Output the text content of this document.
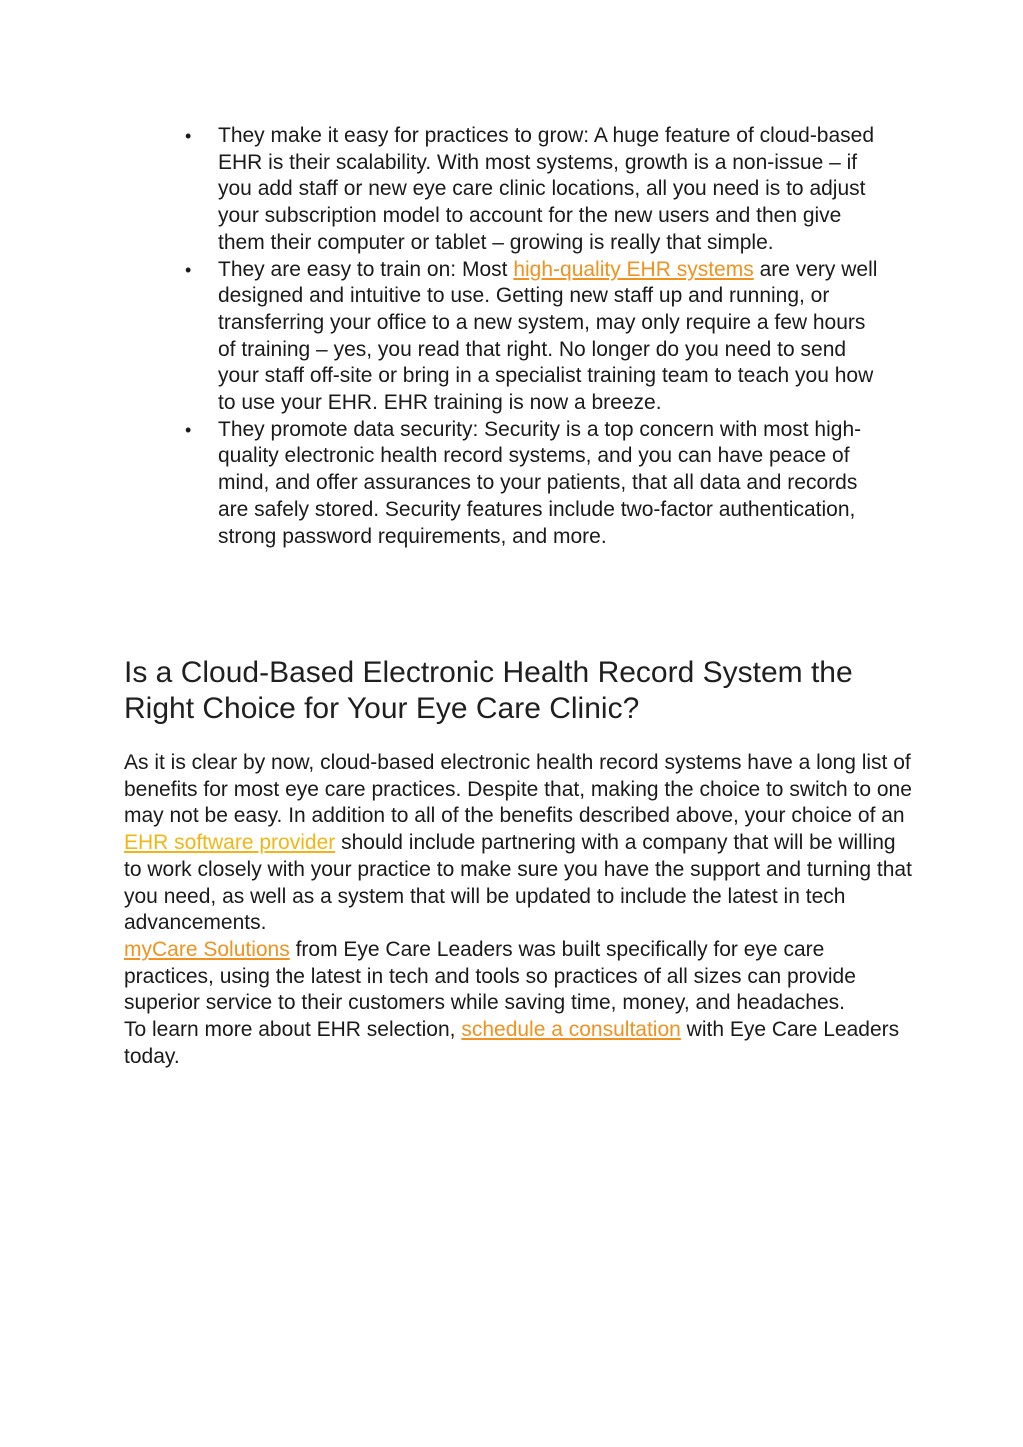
• They make it easy for practices to grow: A huge feature of cloud-based EHR is their scalability. With most systems, growth is a non-issue – if you add staff or new eye care clinic locations, all you need is to adjust your subscription model to account for the new users and then give them their computer or tablet – growing is really that simple.
• They are easy to train on: Most high-quality EHR systems are very well designed and intuitive to use. Getting new staff up and running, or transferring your office to a new system, may only require a few hours of training – yes, you read that right. No longer do you need to send your staff off-site or bring in a specialist training team to teach you how to use your EHR. EHR training is now a breeze.
• They promote data security: Security is a top concern with most high-quality electronic health record systems, and you can have peace of mind, and offer assurances to your patients, that all data and records are safely stored. Security features include two-factor authentication, strong password requirements, and more.
Is a Cloud-Based Electronic Health Record System the Right Choice for Your Eye Care Clinic?

As it is clear by now, cloud-based electronic health record systems have a long list of benefits for most eye care practices. Despite that, making the choice to switch to one may not be easy. In addition to all of the benefits described above, your choice of an EHR software provider should include partnering with a company that will be willing to work closely with your practice to make sure you have the support and turning that you need, as well as a system that will be updated to include the latest in tech advancements.

myCare Solutions from Eye Care Leaders was built specifically for eye care practices, using the latest in tech and tools so practices of all sizes can provide superior service to their customers while saving time, money, and headaches.

To learn more about EHR selection, schedule a consultation with Eye Care Leaders today.
